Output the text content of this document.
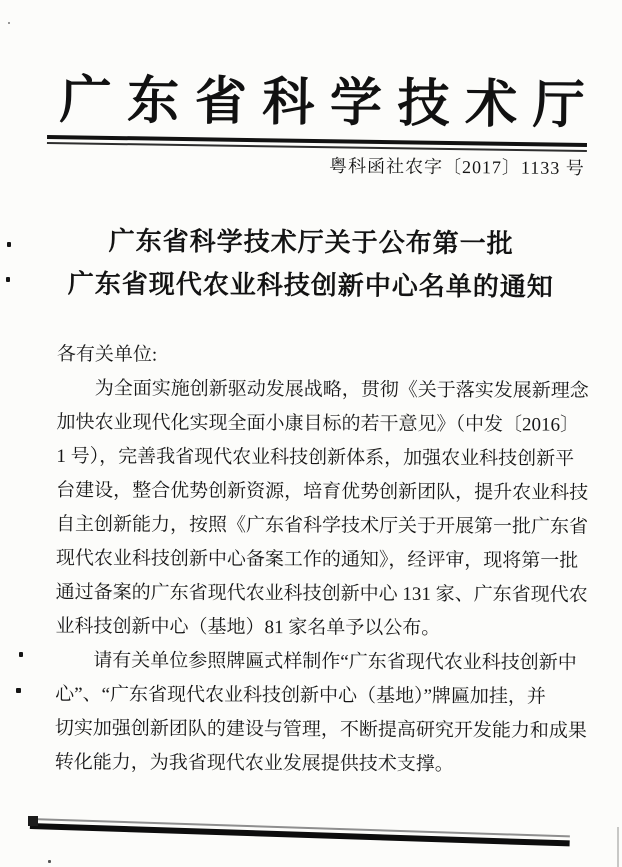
广东省科学技术厅
粤科函社农字〔2017〕1133 号
广东省科学技术厅关于公布第一批
广东省现代农业科技创新中心名单的通知
各有关单位:
为全面实施创新驱动发展战略，贯彻《关于落实发展新理念
加快农业现代化实现全面小康目标的若干意见》（中发〔2016〕
1 号），完善我省现代农业科技创新体系，加强农业科技创新平
台建设，整合优势创新资源，培育优势创新团队，提升农业科技
自主创新能力，按照《广东省科学技术厅关于开展第一批广东省
现代农业科技创新中心备案工作的通知》，经评审，现将第一批
通过备案的广东省现代农业科技创新中心 131 家、广东省现代农
业科技创新中心（基地）81 家名单予以公布。
请有关单位参照牌匾式样制作“广东省现代农业科技创新中
心”、“广东省现代农业科技创新中心（基地）”牌匾加挂，并
切实加强创新团队的建设与管理，不断提高研究开发能力和成果
转化能力，为我省现代农业发展提供技术支撑。
